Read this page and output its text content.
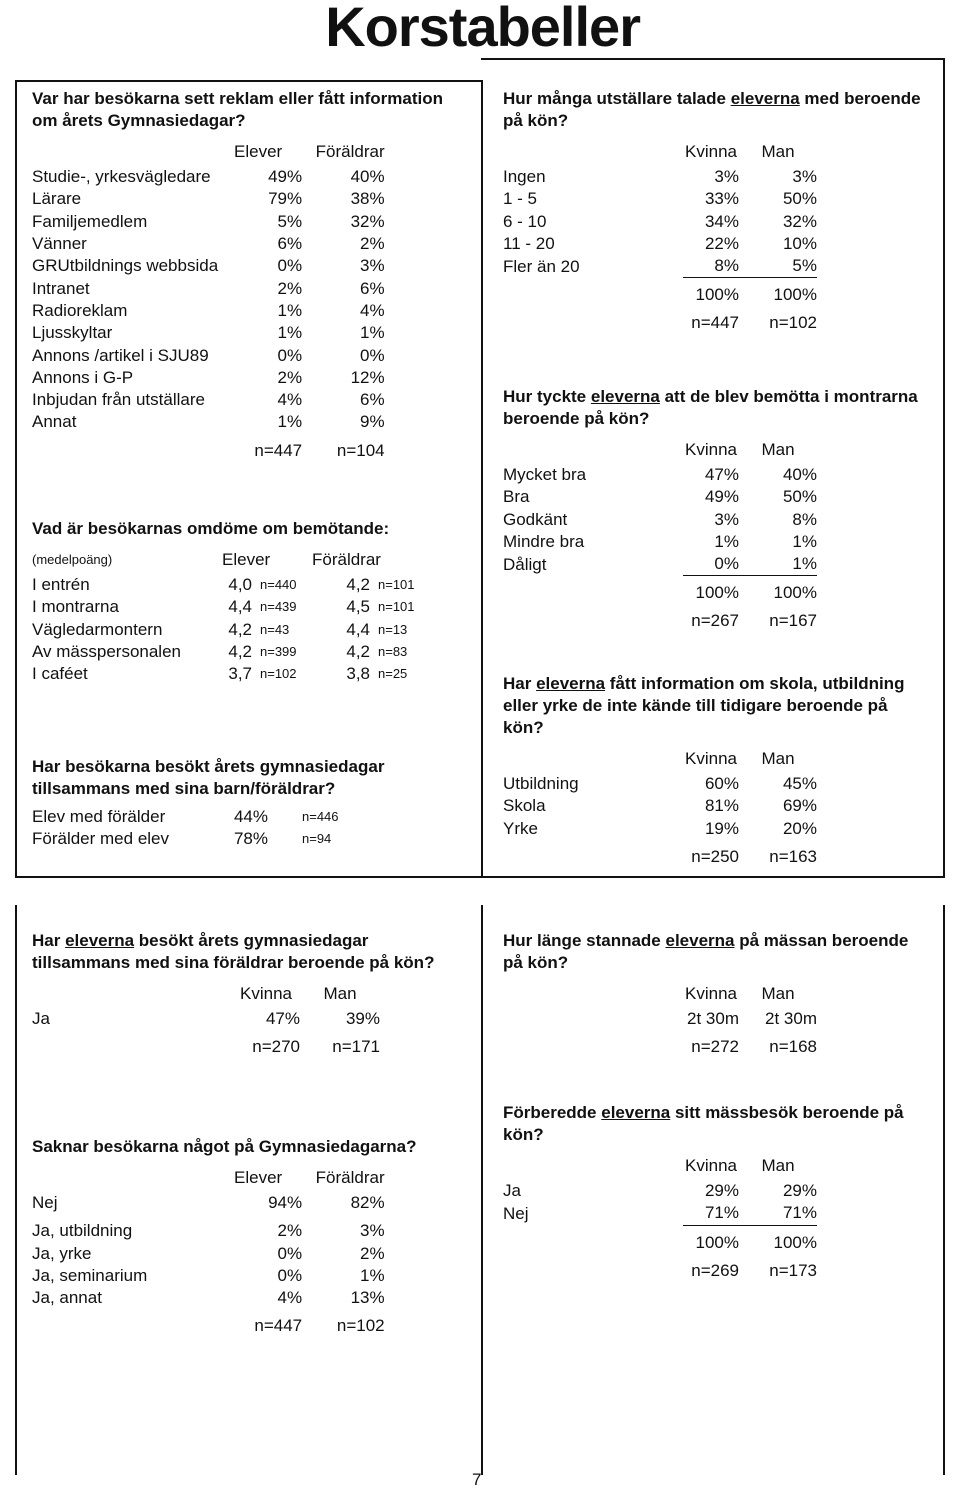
Korstabeller
Var har besökarna sett reklam eller fått information om årets Gymnasiedagar?
	Elever Föräldrar	
Studie-, yrkesvägledare	49%	40%
Lärare	79%	38%
Familjemedlem	5%	32%
Vänner	6%	2%
GRUtbildnings webbsida	0%	3%
Intranet	2%	6%
Radioreklam	1%	4%
Ljusskyltar	1%	1%
Annons /artikel i SJU89	0%	0%
Annons i G-P	2%	12%
Inbjudan från utställare	4%	6%
Annat	1%	9%
	n=447	n=104
Vad är besökarnas omdöme om bemötande:
(medelpoäng)	Elever		Föräldrar	
I entrén	4,0	n=440	4,2	n=101
I montrarna	4,4	n=439	4,5	n=101
Vägledarmontern	4,2	n=43	4,4	n=13
Av mässpersonalen	4,2	n=399	4,2	n=83
I caféet	3,7	n=102	3,8	n=25
Har besökarna besökt årets gymnasiedagar tillsammans med sina barn/föräldrar?
Elev med förälder	44%	n=446
Förälder med elev	78%	n=94
Hur många utställare talade eleverna med beroende på kön?
	Kvinna	Man
Ingen	3%	3%
1 - 5	33%	50%
6 - 10	34%	32%
11 - 20	22%	10%
Fler än 20	8%	5%
	100%	100%
	n=447	n=102
Hur tyckte eleverna att de blev bemötta i montrarna beroende på kön?
	Kvinna	Man
Mycket bra	47%	40%
Bra	49%	50%
Godkänt	3%	8%
Mindre bra	1%	1%
Dåligt	0%	1%
	100%	100%
	n=267	n=167
Har eleverna fått information om skola, utbildning eller yrke de inte kände till tidigare beroende på kön?
	Kvinna	Man
Utbildning	60%	45%
Skola	81%	69%
Yrke	19%	20%
	n=250	n=163
Har eleverna besökt årets gymnasiedagar tillsammans med sina föräldrar beroende på kön?
	Kvinna	Man
Ja	47%	39%
	n=270	n=171
Hur länge stannade eleverna på mässan beroende på kön?
	Kvinna	Man
	2t 30m	2t 30m
	n=272	n=168
Saknar besökarna något på Gymnasiedagarna?
	Elever Föräldrar	
Nej	94%	82%

Ja, utbildning	2%	3%
Ja, yrke	0%	2%
Ja, seminarium	0%	1%
Ja, annat	4%	13%
	n=447	n=102
Förberedde eleverna sitt mässbesök beroende på kön?
	Kvinna	Man
Ja	29%	29%
Nej	71%	71%
	100%	100%
	n=269	n=173
7
